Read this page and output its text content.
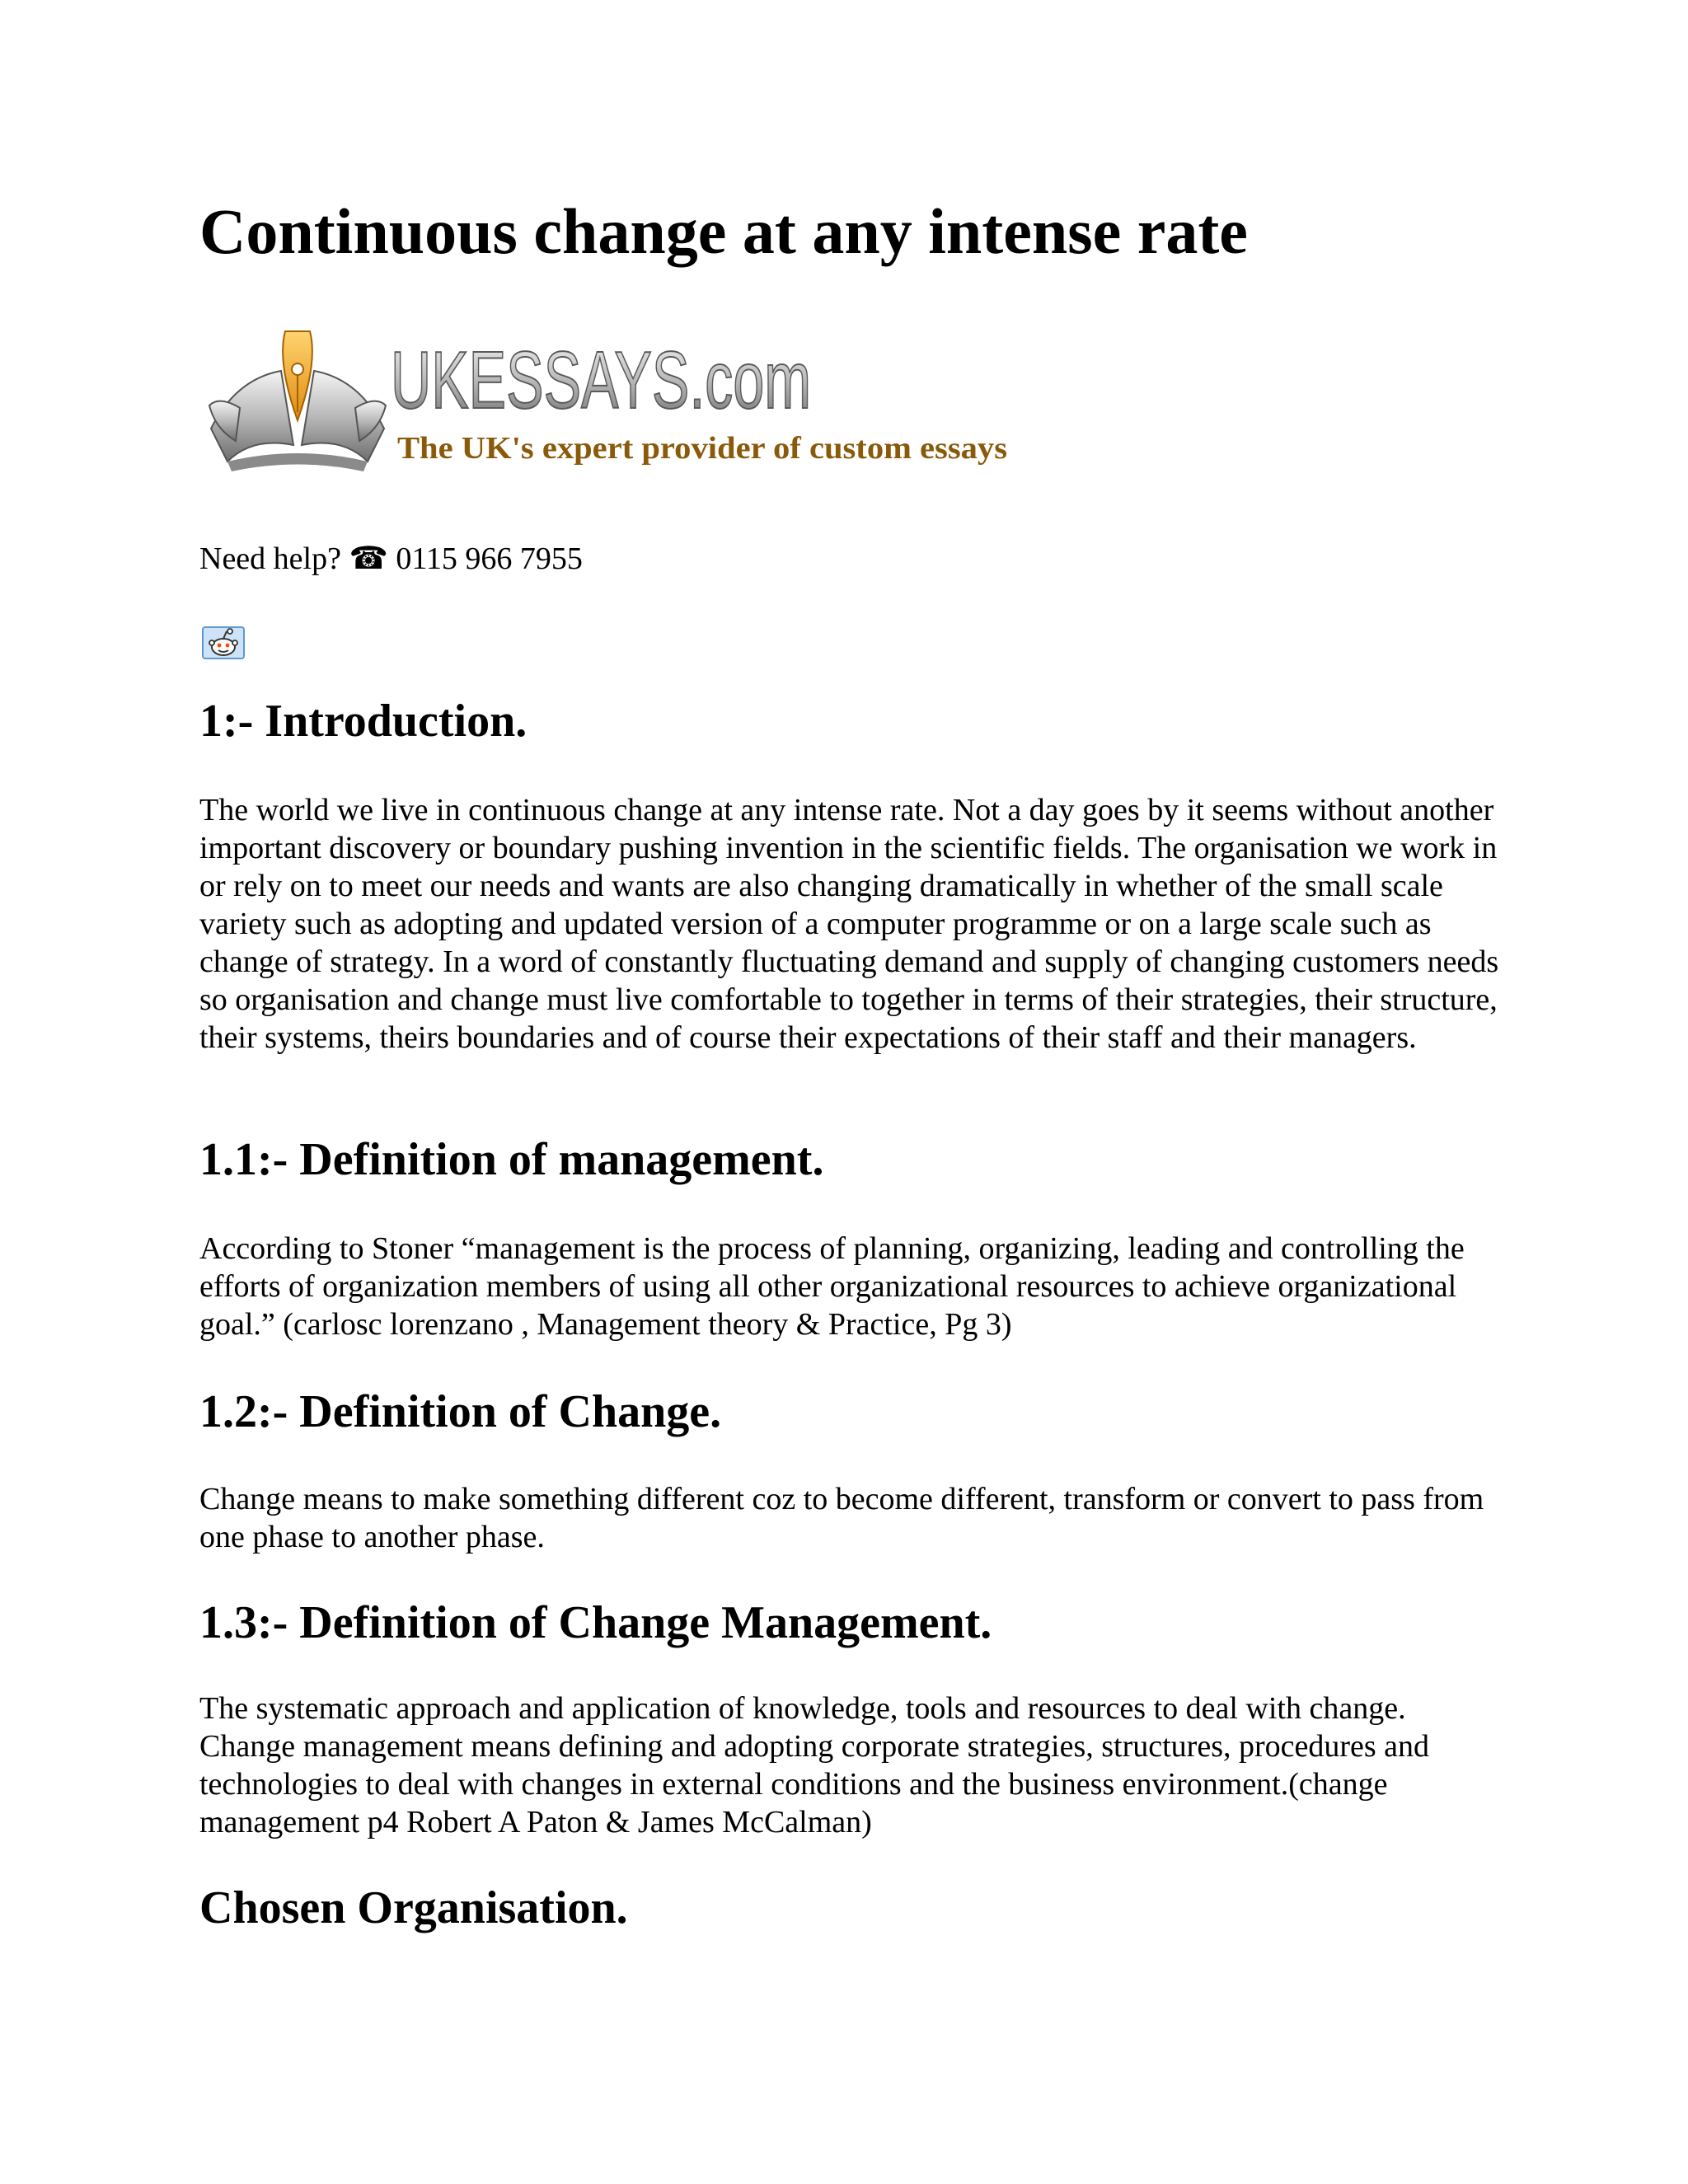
Continuous change at any intense rate
UKESSAYS.com
The UK's expert provider of custom essays
Need help? ☎ 0115 966 7955
1:- Introduction.

The world we live in continuous change at any intense rate. Not a day goes by it seems without another important discovery or boundary pushing invention in the scientific fields. The organisation we work in or rely on to meet our needs and wants are also changing dramatically in whether of the small scale variety such as adopting and updated version of a computer programme or on a large scale such as change of strategy. In a word of constantly fluctuating demand and supply of changing customers needs so organisation and change must live comfortable to together in terms of their strategies, their structure, their systems, theirs boundaries and of course their expectations of their staff and their managers.

1.1:- Definition of management.

According to Stoner “management is the process of planning, organizing, leading and controlling the efforts of organization members of using all other organizational resources to achieve organizational goal.” (carlosc lorenzano , Management theory & Practice, Pg 3)

1.2:- Definition of Change.

Change means to make something different coz to become different, transform or convert to pass from one phase to another phase.

1.3:- Definition of Change Management.

The systematic approach and application of knowledge, tools and resources to deal with change. Change management means defining and adopting corporate strategies, structures, procedures and technologies to deal with changes in external conditions and the business environment.(change management p4 Robert A Paton & James McCalman)

Chosen Organisation.
